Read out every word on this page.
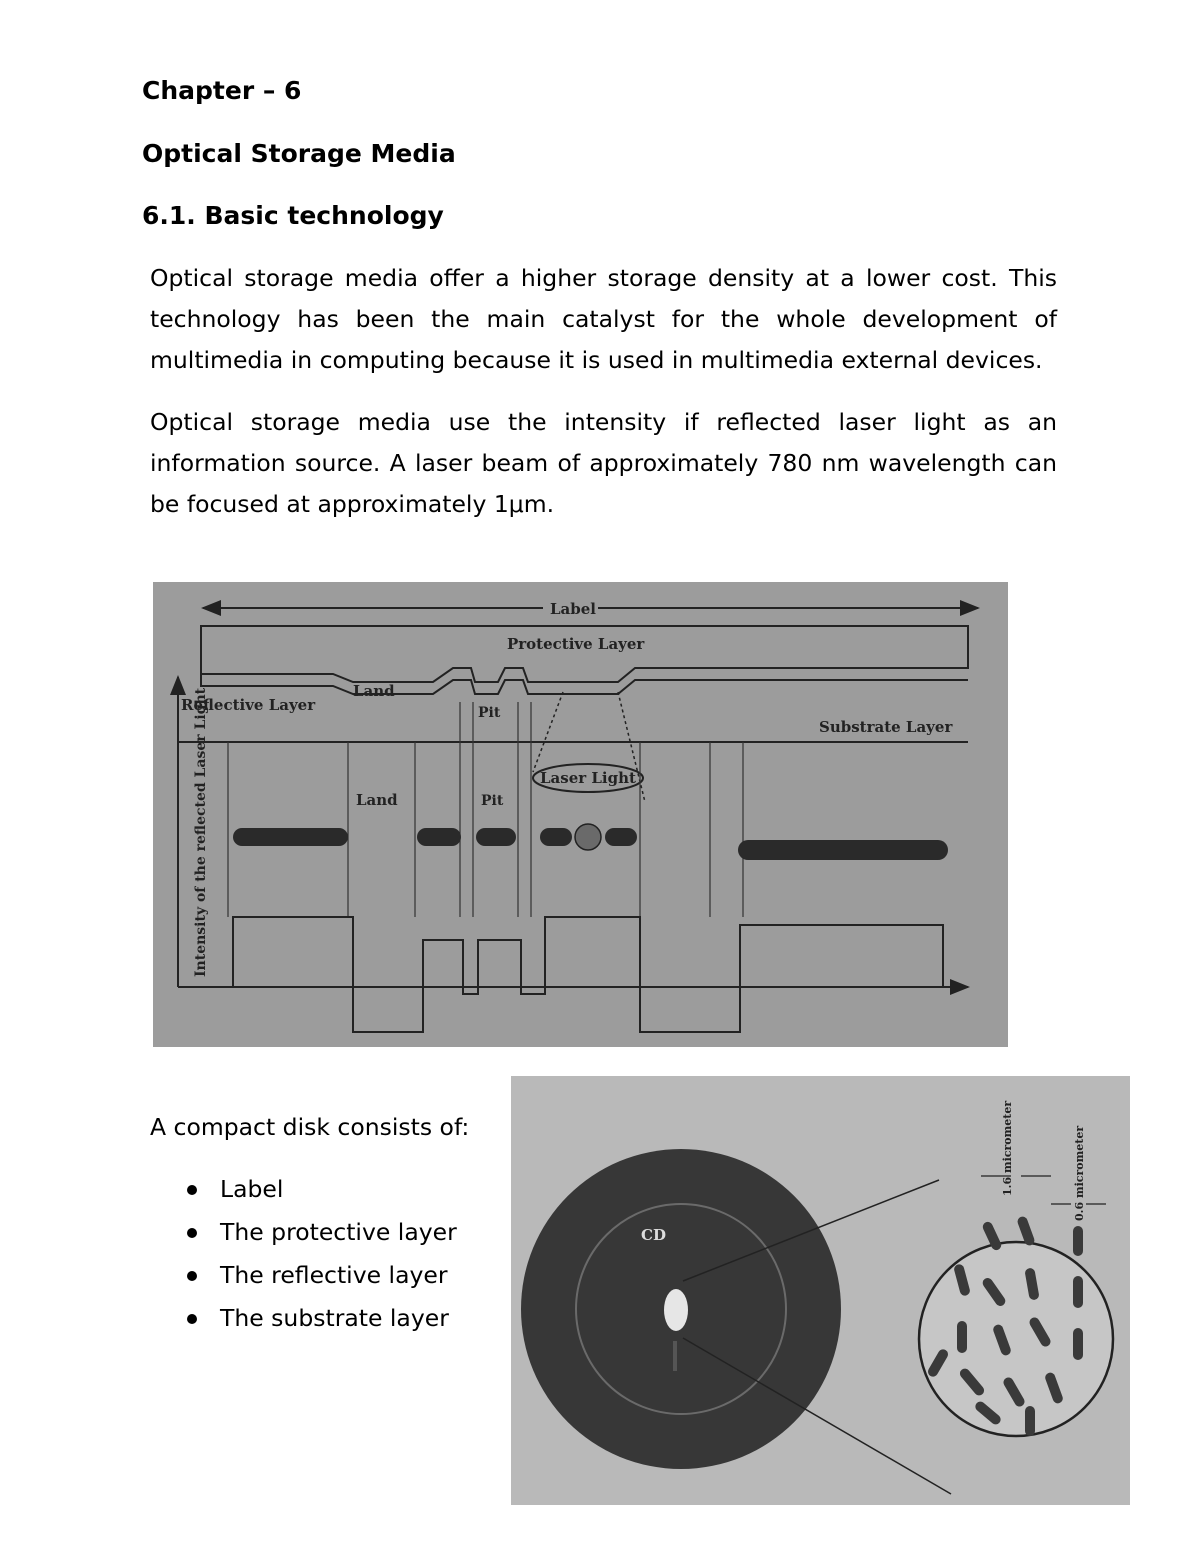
Chapter – 6
Optical Storage Media
6.1. Basic technology

Optical storage media offer a higher storage density at a lower cost. This technology has been the main catalyst for the whole development of multimedia in computing because it is used in multimedia external devices.

Optical storage media use the intensity if reflected laser light as an information source. A laser beam of approximately 780 nm wavelength can be focused at approximately 1μm.

Label
Protective Layer
Land
Reflective Layer	Pit
Substrate Layer
Laser Light
Land	Pit
Intensity of the reflected Laser Light
CD
1.6 micrometer	0.6 micrometer

A compact disk consists of:

Label
The protective layer
The reflective layer
The substrate layer
